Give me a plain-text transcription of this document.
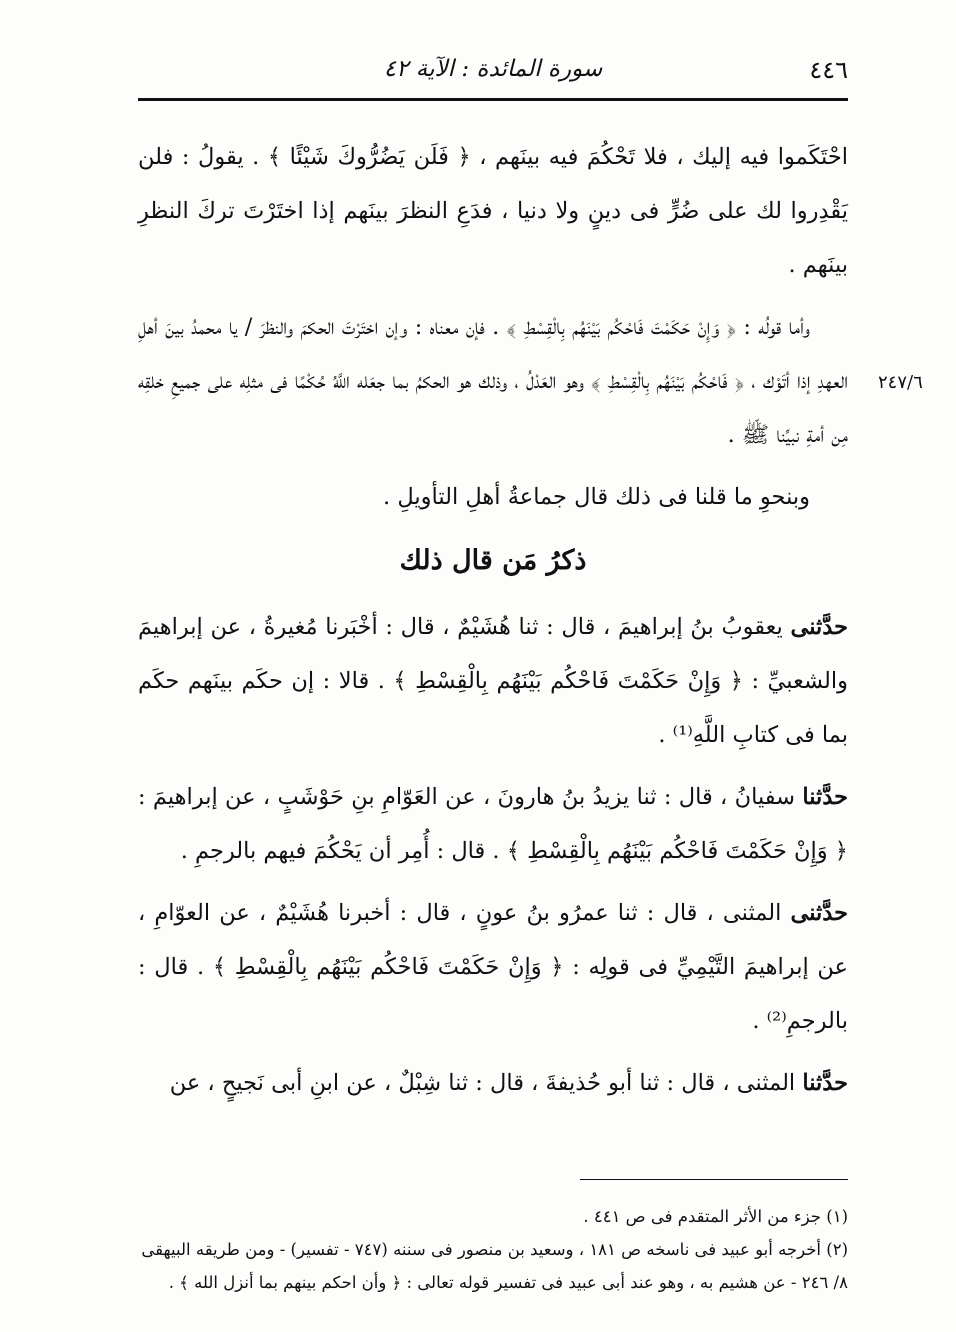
٤٤٦
سورة المائدة : الآية ٤٢
٢٤٧/٦

احْتَكَموا فيه إليك ، فلا تَحْكُمَ فيه بينَهم ، ﴿ فَلَن يَضُرُّوكَ شَيْئًا ﴾ . يقولُ : فلن يَقْدِروا لك على ضُرٍّ فى دينٍ ولا دنيا ، فدَعِ النظرَ بينَهم إذا اختَرْتَ تركَ النظرِ بينَهم .

وأما قولُه : ﴿ وَإِنْ حَكَمْتَ فَاحْكُم بَيْنَهُم بِالْقِسْطِ ﴾ . فإن معناه : وإن اختَرْتَ الحكمَ والنظرَ / يا محمدُ بينَ أهلِ العهدِ إذا أتَوْك ، ﴿ فَاحْكُم بَيْنَهُم بِالْقِسْطِ ﴾ وهو العَدْلُ ، وذلك هو الحكمُ بما جعَله اللَّهُ حُكْمًا فى مثلِه على جميعِ خلقِه مِن أمةِ نبيِّنا ﷺ .

وبنحوِ ما قلنا فى ذلك قال جماعةُ أهلِ التأويلِ .

ذكرُ مَن قال ذلك

حدَّثنى يعقوبُ بنُ إبراهيمَ ، قال : ثنا هُشَيْمٌ ، قال : أخْبَرنا مُغيرةُ ، عن إبراهيمَ والشعبيِّ : ﴿ وَإِنْ حَكَمْتَ فَاحْكُم بَيْنَهُم بِالْقِسْطِ ﴾ . قالا : إن حكَم بينَهم حكَم بما فى كتابِ اللَّهِ⁽¹⁾ .

حدَّثنا سفيانُ ، قال : ثنا يزيدُ بنُ هارونَ ، عن العَوّامِ بنِ حَوْشَبٍ ، عن إبراهيمَ : ﴿ وَإِنْ حَكَمْتَ فَاحْكُم بَيْنَهُم بِالْقِسْطِ ﴾ . قال : أُمِر أن يَحْكُمَ فيهم بالرجمِ .

حدَّثنى المثنى ، قال : ثنا عمرُو بنُ عونٍ ، قال : أخبرنا هُشَيْمٌ ، عن العوّامِ ، عن إبراهيمَ التَّيْمِيِّ فى قولِه : ﴿ وَإِنْ حَكَمْتَ فَاحْكُم بَيْنَهُم بِالْقِسْطِ ﴾ . قال : بالرجمِ⁽²⁾ .

حدَّثنا المثنى ، قال : ثنا أبو حُذيفةَ ، قال : ثنا شِبْلٌ ، عن ابنِ أبى نَجيحٍ ، عن

(١) جزء من الأثر المتقدم فى ص ٤٤١ .

(٢) أخرجه أبو عبيد فى ناسخه ص ١٨١ ، وسعيد بن منصور فى سننه (٧٤٧ - تفسير) - ومن طريقه البيهقى ٨/ ٢٤٦ - عن هشيم به ، وهو عند أبى عبيد فى تفسير قوله تعالى : ﴿ وأن احكم بينهم بما أنزل الله ﴾ .
